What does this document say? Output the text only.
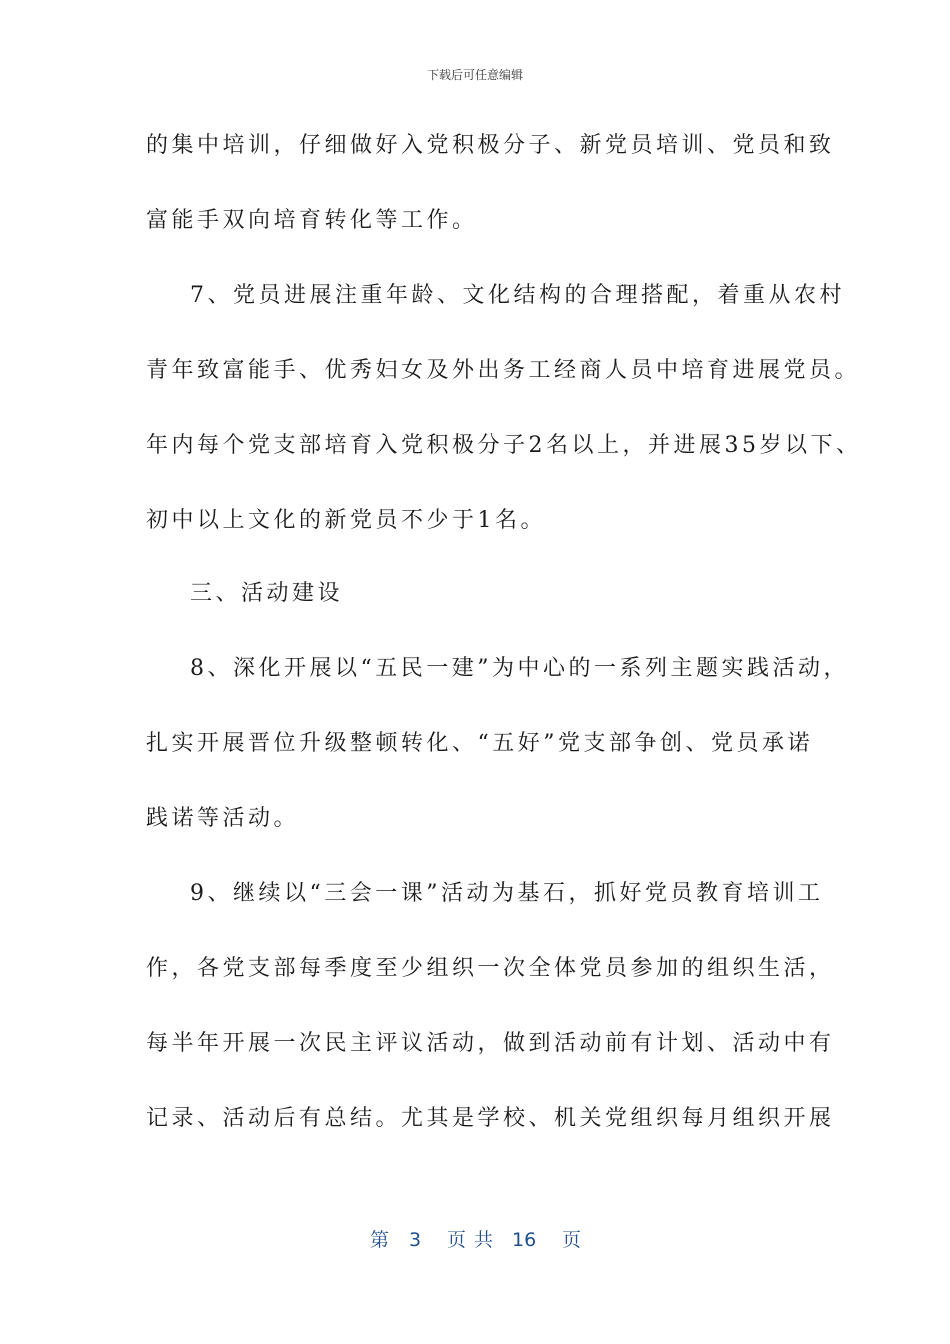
下载后可任意编辑
的集中培训，仔细做好入党积极分子、新党员培训、党员和致
富能手双向培育转化等工作。
7、党员进展注重年龄、文化结构的合理搭配，着重从农村
青年致富能手、优秀妇女及外出务工经商人员中培育进展党员。
年内每个党支部培育入党积极分子2名以上，并进展35岁以下、
初中以上文化的新党员不少于1名。
三、活动建设
8、深化开展以“五民一建”为中心的一系列主题实践活动，
扎实开展晋位升级整顿转化、“五好”党支部争创、党员承诺
践诺等活动。
9、继续以“三会一课”活动为基石，抓好党员教育培训工
作，各党支部每季度至少组织一次全体党员参加的组织生活，
每半年开展一次民主评议活动，做到活动前有计划、活动中有
记录、活动后有总结。尤其是学校、机关党组织每月组织开展
第 3 页共 16 页
